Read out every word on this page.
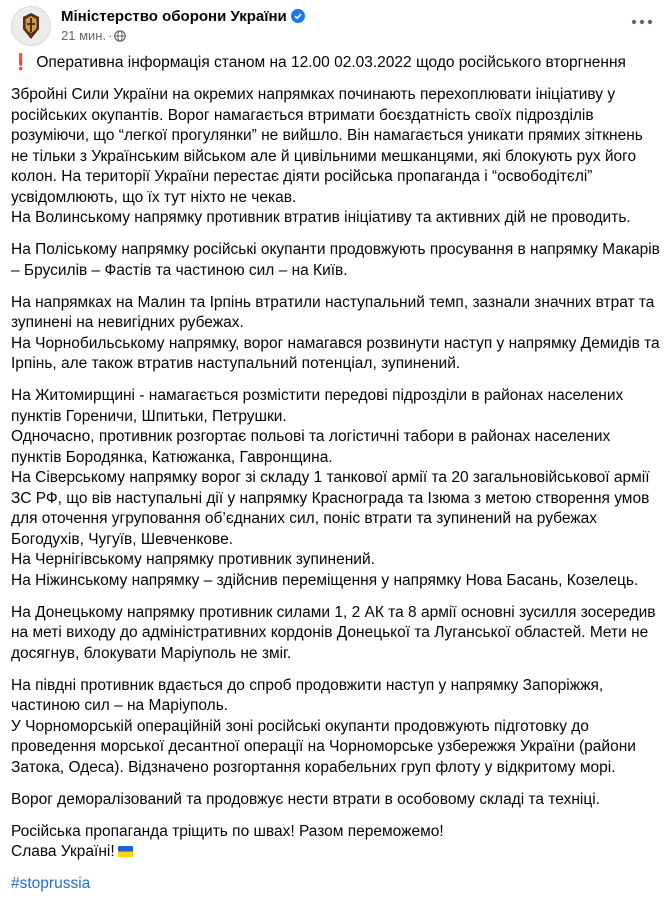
Міністерство оборони України
21 мин. ·
❗ Оперативна інформація станом на 12.00 02.03.2022 щодо російського вторгнення
Збройні Сили України на окремих напрямках починають перехоплювати ініціативу у російських окупантів. Ворог намагається втримати боєздатність своїх підрозділів розуміючи, що “легкої прогулянки” не вийшло. Він намагається уникати прямих зіткнень не тільки з Українським військом але й цивільними мешканцями, які блокують рух його колон. На території України перестає діяти російська пропаганда і “освободітєлі” усвідомлюють, що їх тут ніхто не чекав.
На Волинському напрямку противник втратив ініціативу та активних дій не проводить.
На Поліському напрямку російські окупанти продовжують просування в напрямку Макарів – Брусилів – Фастів та частиною сил – на Київ.
На напрямках на Малин та Ірпінь втратили наступальний темп, зазнали значних втрат та зупинені на невигідних рубежах.
На Чорнобильському напрямку, ворог намагався розвинути наступ у напрямку Демидів та Ірпінь, але також втратив наступальний потенціал, зупинений.
На Житомирщині - намагається розмістити передові підрозділи в районах населених пунктів Гореничи, Шпитьки, Петрушки.
Одночасно, противник розгортає польові та логістичні табори в районах населених пунктів Бородянка, Катюжанка, Гавронщина.
На Сіверському напрямку ворог зі складу 1 танкової армії та 20 загальновійськової армії ЗС РФ, що вів наступальні дії у напрямку Краснограда та Ізюма з метою створення умов для оточення угруповання об’єднаних сил, поніс втрати та зупинений на рубежах Богодухів, Чугуїв, Шевченкове.
На Чернігівському напрямку противник зупинений.
На Ніжинському напрямку – здійснив переміщення у напрямку Нова Басань, Козелець.
На Донецькому напрямку противник силами 1, 2 АК та 8 армії основні зусилля зосередив на меті виходу до адміністративних кордонів Донецької та Луганської областей. Мети не досягнув, блокувати Маріуполь не зміг.
На півдні противник вдається до спроб продовжити наступ у напрямку Запоріжжя, частиною сил – на Маріуполь.
У Чорноморській операційній зоні російські окупанти продовжують підготовку до проведення морської десантної операції на Чорноморське узбережжя України (райони Затока, Одеса). Відзначено розгортання корабельних груп флоту у відкритому морі.
Ворог деморалізований та продовжує нести втрати в особовому складі та техніці.
Російська пропаганда тріщить по швах! Разом переможемо!
Слава Україні!
#stoprussia
